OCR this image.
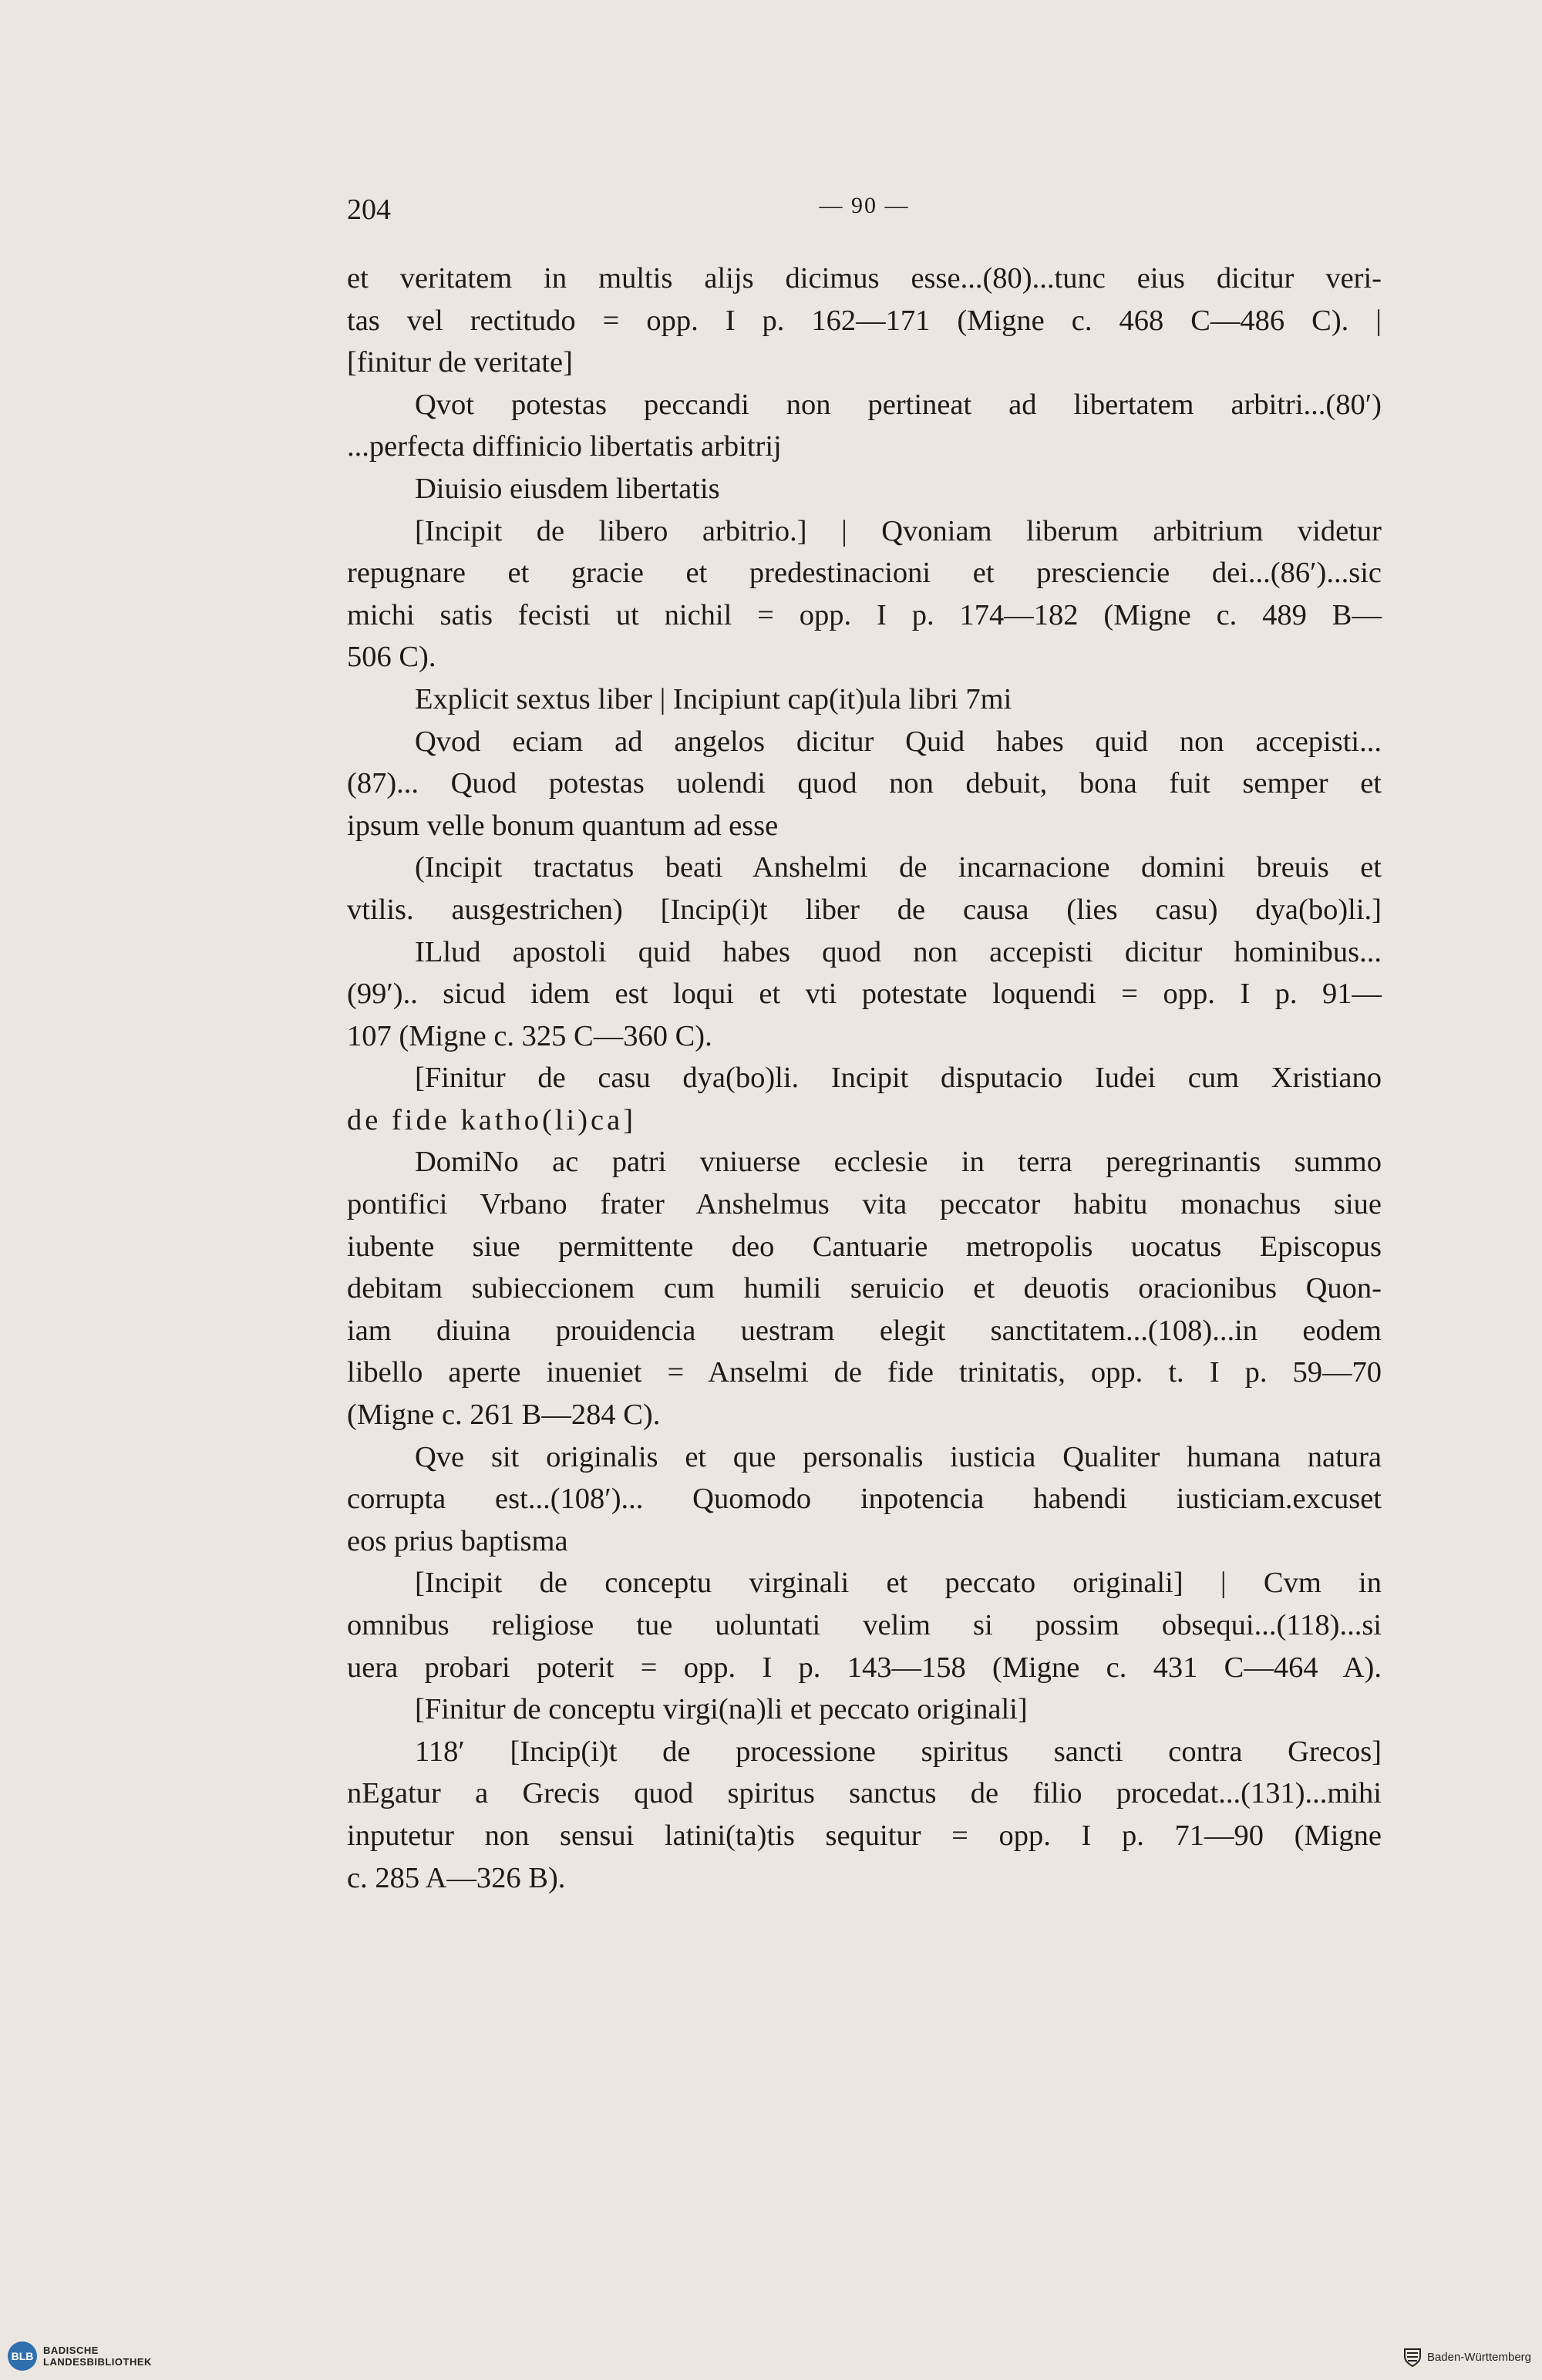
204	— 90 —
et veritatem in multis alijs dicimus esse...(80)...tunc eius dicitur veri-
tas vel rectitudo = opp. I p. 162—171 (Migne c. 468 C—486 C). |
[finitur de veritate]
Qvot potestas peccandi non pertineat ad libertatem arbitri...(80′)
...perfecta diffinicio libertatis arbitrij
Diuisio eiusdem libertatis
[Incipit de libero arbitrio.] | Qvoniam liberum arbitrium videtur
repugnare et gracie et predestinacioni et presciencie dei...(86′)...sic
michi satis fecisti ut nichil = opp. I p. 174—182 (Migne c. 489 B—
506 C).
Explicit sextus liber | Incipiunt cap(it)ula libri 7mi
Qvod eciam ad angelos dicitur Quid habes quid non accepisti...
(87)... Quod potestas uolendi quod non debuit, bona fuit semper et
ipsum velle bonum quantum ad esse
(Incipit tractatus beati Anshelmi de incarnacione domini breuis et
vtilis. ausgestrichen) [Incip(i)t liber de causa (lies casu) dya(bo)li.]
ILlud apostoli quid habes quod non accepisti dicitur hominibus...
(99′).. sicud idem est loqui et vti potestate loquendi = opp. I p. 91—
107 (Migne c. 325 C—360 C).
[Finitur de casu dya(bo)li. Incipit disputacio Iudei cum Xristiano
de fide katho(li)ca]
DomiNo ac patri vniuerse ecclesie in terra peregrinantis summo
pontifici Vrbano frater Anshelmus vita peccator habitu monachus siue
iubente siue permittente deo Cantuarie metropolis uocatus Episcopus
debitam subieccionem cum humili seruicio et deuotis oracionibus Quon-
iam diuina prouidencia uestram elegit sanctitatem...(108)...in eodem
libello aperte inueniet = Anselmi de fide trinitatis, opp. t. I p. 59—70
(Migne c. 261 B—284 C).
Qve sit originalis et que personalis iusticia Qualiter humana natura
corrupta est...(108′)... Quomodo inpotencia habendi iusticiam.excuset
eos prius baptisma
[Incipit de conceptu virginali et peccato originali] | Cvm in
omnibus religiose tue uoluntati velim si possim obsequi...(118)...si
uera probari poterit = opp. I p. 143—158 (Migne c. 431 C—464 A).
[Finitur de conceptu virgi(na)li et peccato originali]
118′ [Incip(i)t de processione spiritus sancti contra Grecos]
nEgatur a Grecis quod spiritus sanctus de filio procedat...(131)...mihi
inputetur non sensui latini(ta)tis sequitur = opp. I p. 71—90 (Migne
c. 285 A—326 B).
BLB BADISCHE
LANDESBIBLIOTHEK	Baden-Württemberg
